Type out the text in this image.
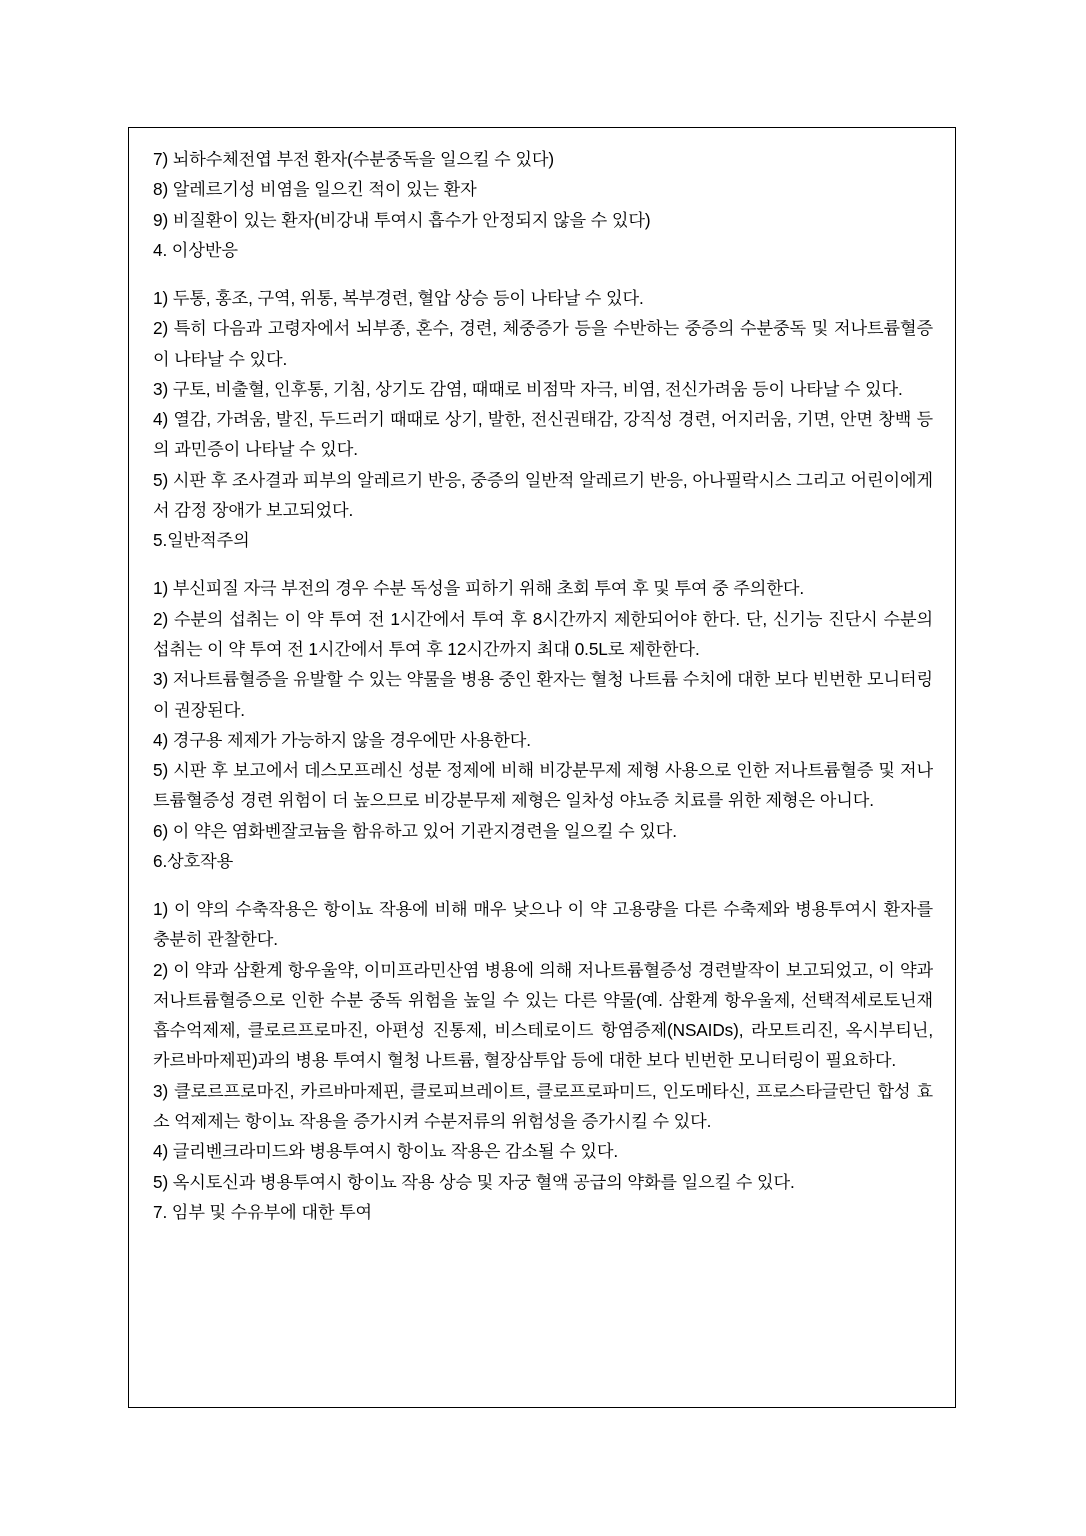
7) 뇌하수체전엽 부전 환자(수분중독을 일으킬 수 있다)

8) 알레르기성 비염을 일으킨 적이 있는 환자

9) 비질환이 있는 환자(비강내 투여시 흡수가 안정되지 않을 수 있다)

4. 이상반응

1) 두통, 홍조, 구역, 위통, 복부경련, 혈압 상승 등이 나타날 수 있다.

2) 특히 다음과 고령자에서 뇌부종, 혼수, 경련, 체중증가 등을 수반하는 중증의 수분중독 및 저나트륨혈증이 나타날 수 있다.

3) 구토, 비출혈, 인후통, 기침, 상기도 감염, 때때로 비점막 자극, 비염, 전신가려움 등이 나타날 수 있다.

4) 열감, 가려움, 발진, 두드러기 때때로 상기, 발한, 전신권태감, 강직성 경련, 어지러움, 기면, 안면 창백 등의 과민증이 나타날 수 있다.

5) 시판 후 조사결과 피부의 알레르기 반응, 중증의 일반적 알레르기 반응, 아나필락시스 그리고 어린이에게서 감정 장애가 보고되었다.

5.일반적주의

1) 부신피질 자극 부전의 경우 수분 독성을 피하기 위해 초회 투여 후 및 투여 중 주의한다.

2) 수분의 섭취는 이 약 투여 전 1시간에서 투여 후 8시간까지 제한되어야 한다. 단, 신기능 진단시 수분의 섭취는 이 약 투여 전 1시간에서 투여 후 12시간까지 최대 0.5L로 제한한다.

3) 저나트륨혈증을 유발할 수 있는 약물을 병용 중인 환자는 혈청 나트륨 수치에 대한 보다 빈번한 모니터링이 권장된다.

4) 경구용 제제가 가능하지 않을 경우에만 사용한다.

5) 시판 후 보고에서 데스모프레신 성분 정제에 비해 비강분무제 제형 사용으로 인한 저나트륨혈증 및 저나트륨혈증성 경련 위험이 더 높으므로 비강분무제 제형은 일차성 야뇨증 치료를 위한 제형은 아니다.

6) 이 약은 염화벤잘코늄을 함유하고 있어 기관지경련을 일으킬 수 있다.

6.상호작용

1) 이 약의 수축작용은 항이뇨 작용에 비해 매우 낮으나 이 약 고용량을 다른 수축제와 병용투여시 환자를 충분히 관찰한다.

2) 이 약과 삼환계 항우울약, 이미프라민산염 병용에 의해 저나트륨혈증성 경련발작이 보고되었고, 이 약과 저나트륨혈증으로 인한 수분 중독 위험을 높일 수 있는 다른 약물(예. 삼환계 항우울제, 선택적세로토닌재흡수억제제, 클로르프로마진, 아편성 진통제, 비스테로이드 항염증제(NSAIDs), 라모트리진, 옥시부티닌, 카르바마제핀)과의 병용 투여시 혈청 나트륨, 혈장삼투압 등에 대한 보다 빈번한 모니터링이 필요하다.

3) 클로르프로마진, 카르바마제핀, 클로피브레이트, 클로프로파미드, 인도메타신, 프로스타글란딘 합성 효소 억제제는 항이뇨 작용을 증가시켜 수분저류의 위험성을 증가시킬 수 있다.

4) 글리벤크라미드와 병용투여시 항이뇨 작용은 감소될 수 있다.

5) 옥시토신과 병용투여시 항이뇨 작용 상승 및 자궁 혈액 공급의 약화를 일으킬 수 있다.

7. 임부 및 수유부에 대한 투여
